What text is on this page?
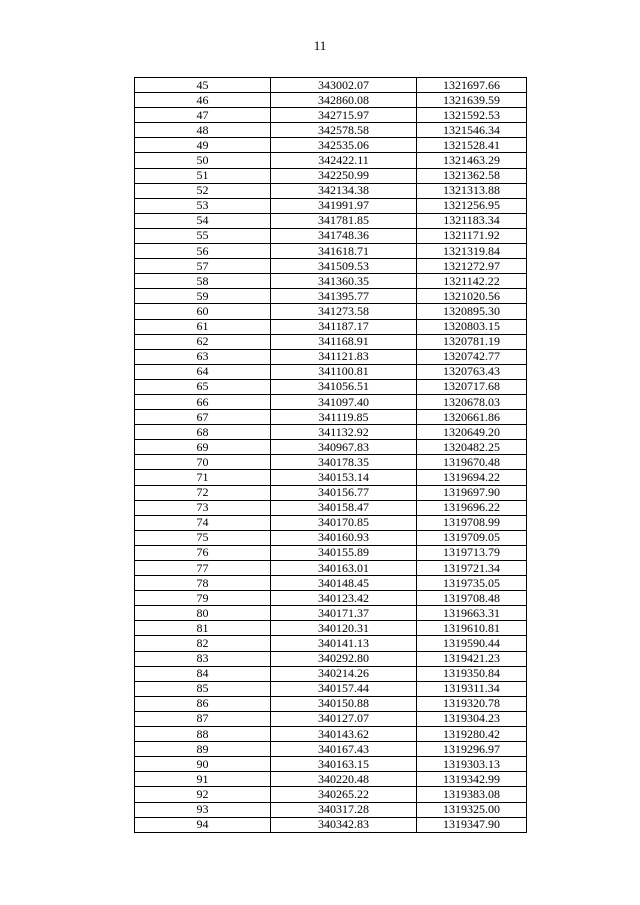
11
45	343002.07	1321697.66
46	342860.08	1321639.59
47	342715.97	1321592.53
48	342578.58	1321546.34
49	342535.06	1321528.41
50	342422.11	1321463.29
51	342250.99	1321362.58
52	342134.38	1321313.88
53	341991.97	1321256.95
54	341781.85	1321183.34
55	341748.36	1321171.92
56	341618.71	1321319.84
57	341509.53	1321272.97
58	341360.35	1321142.22
59	341395.77	1321020.56
60	341273.58	1320895.30
61	341187.17	1320803.15
62	341168.91	1320781.19
63	341121.83	1320742.77
64	341100.81	1320763.43
65	341056.51	1320717.68
66	341097.40	1320678.03
67	341119.85	1320661.86
68	341132.92	1320649.20
69	340967.83	1320482.25
70	340178.35	1319670.48
71	340153.14	1319694.22
72	340156.77	1319697.90
73	340158.47	1319696.22
74	340170.85	1319708.99
75	340160.93	1319709.05
76	340155.89	1319713.79
77	340163.01	1319721.34
78	340148.45	1319735.05
79	340123.42	1319708.48
80	340171.37	1319663.31
81	340120.31	1319610.81
82	340141.13	1319590.44
83	340292.80	1319421.23
84	340214.26	1319350.84
85	340157.44	1319311.34
86	340150.88	1319320.78
87	340127.07	1319304.23
88	340143.62	1319280.42
89	340167.43	1319296.97
90	340163.15	1319303.13
91	340220.48	1319342.99
92	340265.22	1319383.08
93	340317.28	1319325.00
94	340342.83	1319347.90
